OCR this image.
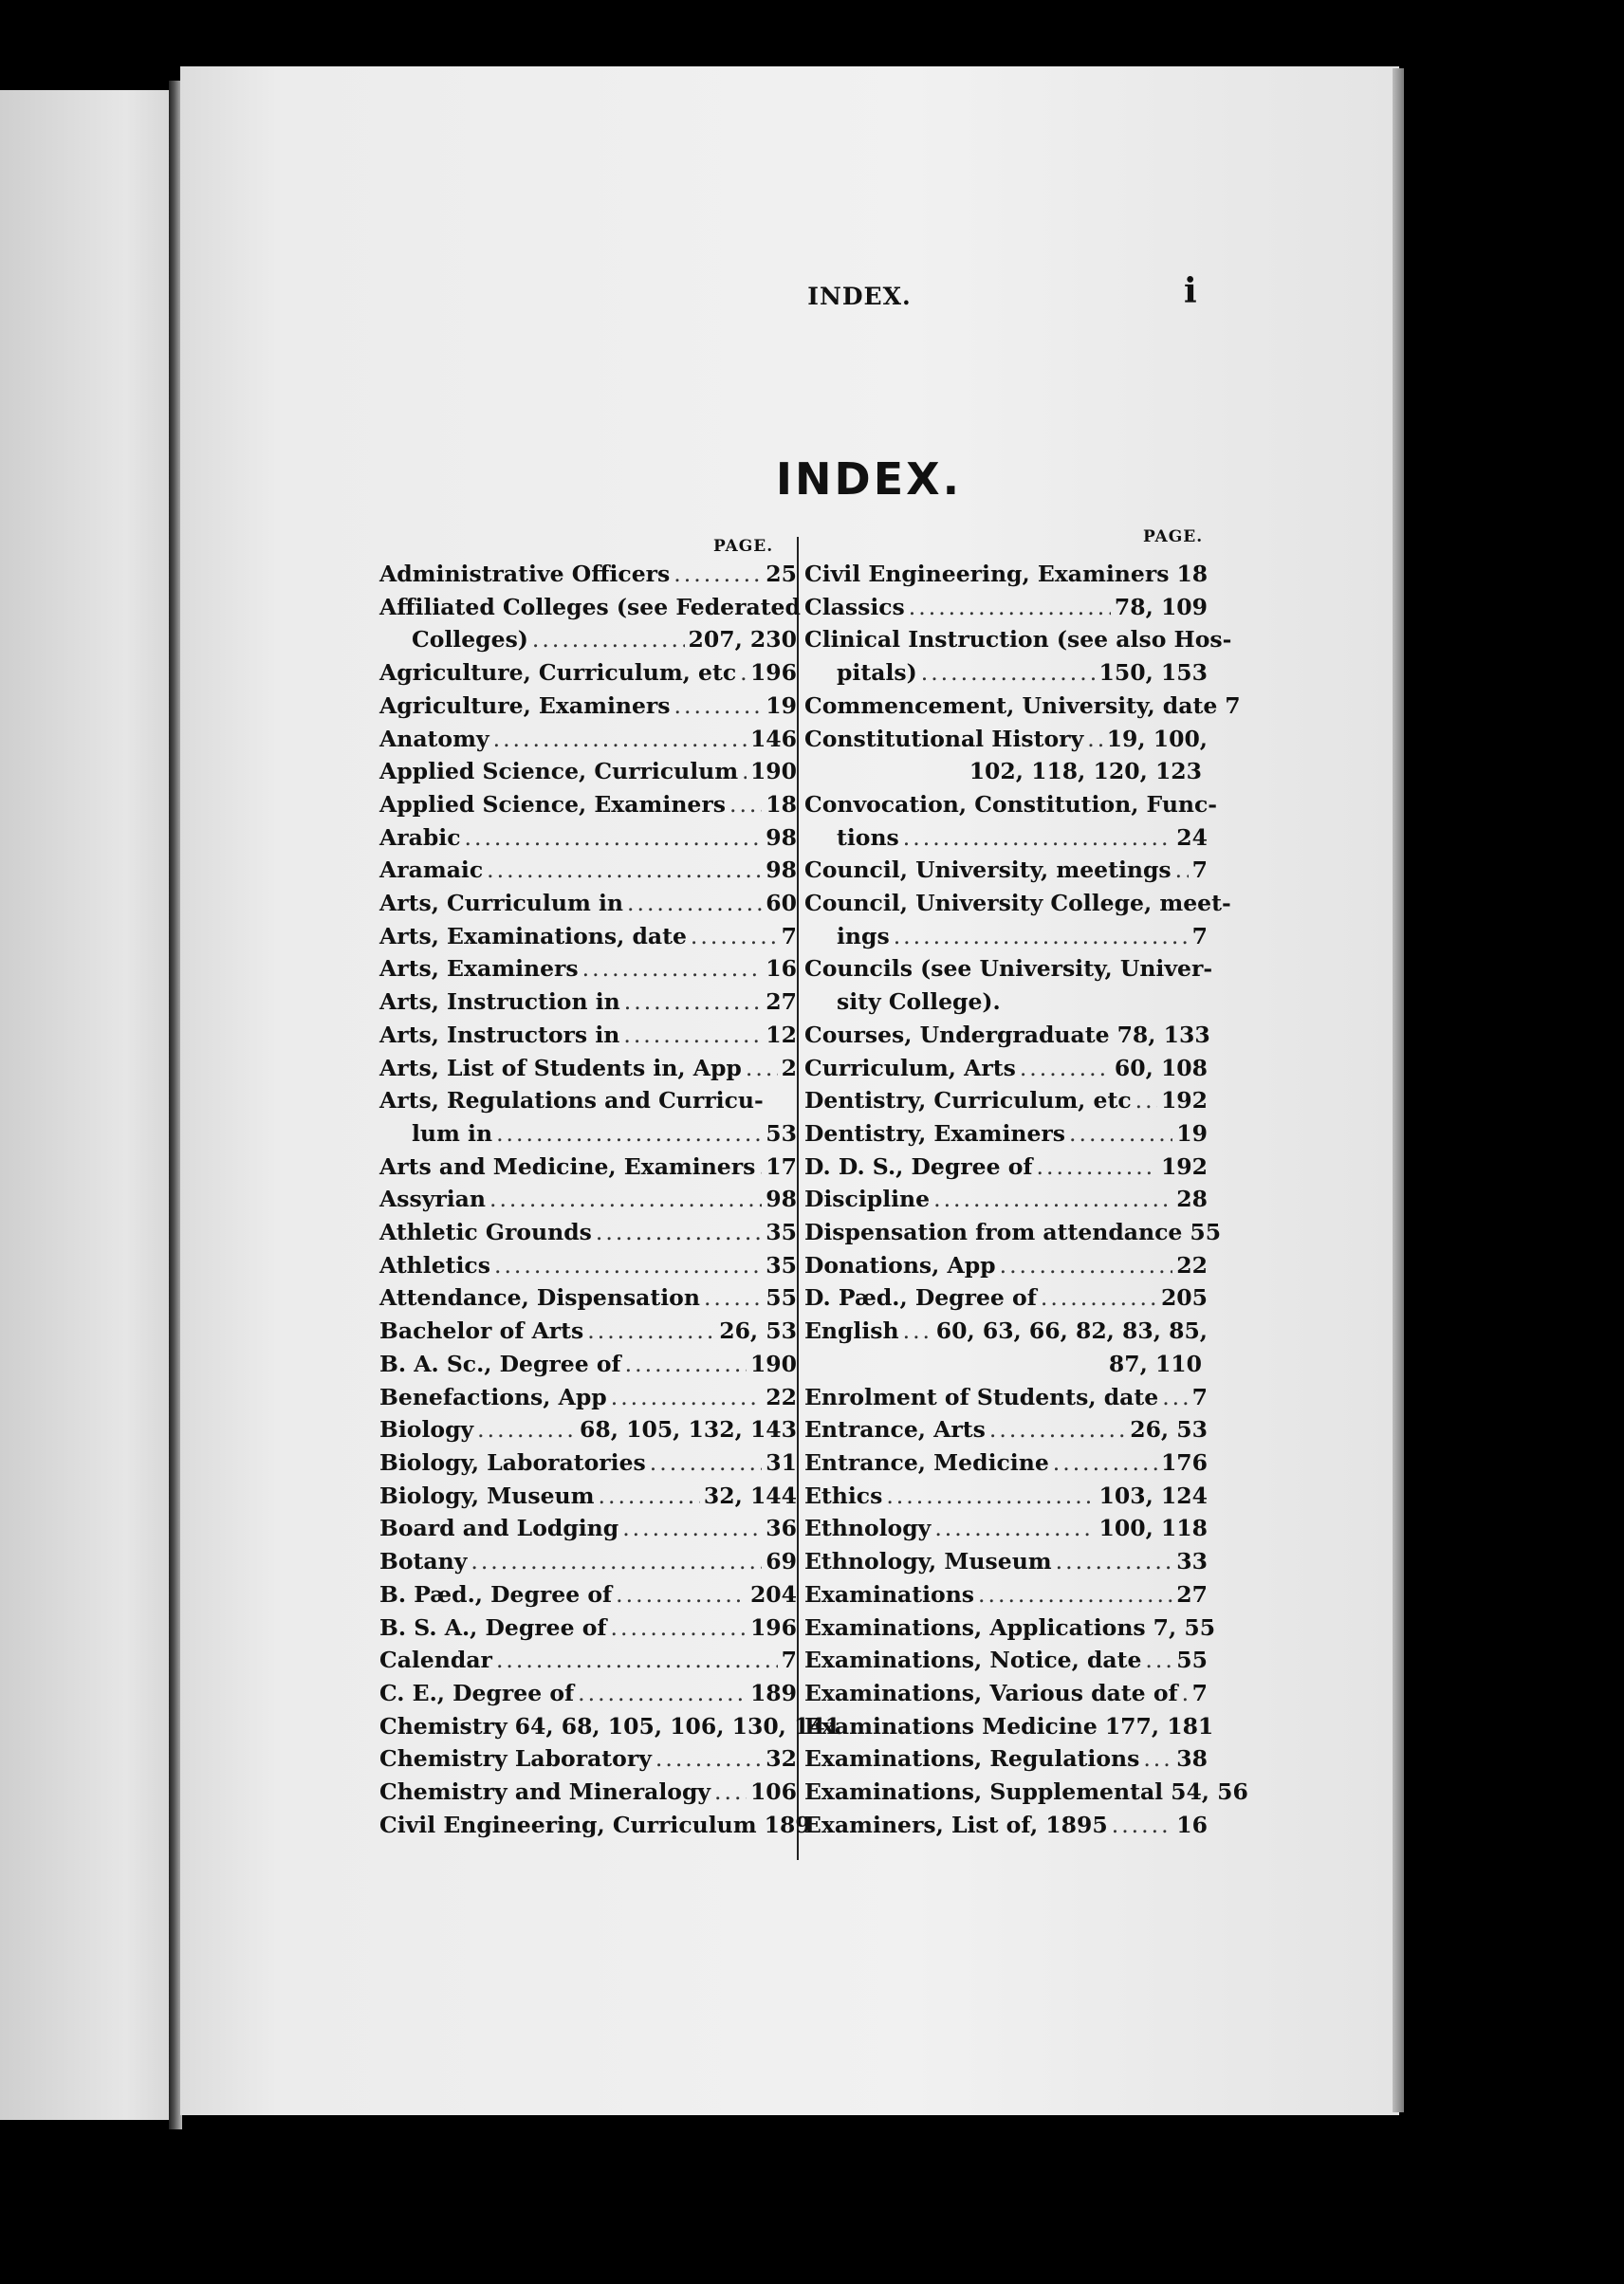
INDEX.	i
INDEX.
PAGE.	PAGE.
Administrative Officers .....	25
Affiliated Colleges (see Federated
Colleges) .....	207, 230
Agriculture, Curriculum, etc ..... 196
Agriculture, Examiners .....	19
Anatomy .....	146
Applied Science, Curriculum ..... 190
Applied Science, Examiners ..... 18
Arabic .....	98
Aramaic .....	98
Arts, Curriculum in .....	60
Arts, Examinations, date .....	7
Arts, Examiners .....	16
Arts, Instruction in .....	27
Arts, Instructors in .....	12
Arts, List of Students in, App ..... 2
Arts, Regulations and Curricu-
lum in .....	53
Arts and Medicine, Examiners ..... 17
Assyrian .....	98
Athletic Grounds .....	35
Athletics .....	35
Attendance, Dispensation .....	55
Bachelor of Arts .....	26, 53
B. A. Sc., Degree of .....	190
Benefactions, App .....	22
Biology .....	68, 105, 132, 143
Biology, Laboratories .....	31
Biology, Museum .....	32, 144
Board and Lodging .....	36
Botany .....	69
B. Pæd., Degree of .....	204
B. S. A., Degree of .....	196
Calendar .....	7
C. E., Degree of .....	189
Chemistry 64, 68, 105, 106, 130, 141
Chemistry Laboratory .....	32
Chemistry and Mineralogy ..... 106
Civil Engineering, Curriculum 189
Civil Engineering, Examiners 18
Classics .....	78, 109
Clinical Instruction (see also Hos-
pitals) .....	150, 153
Commencement, University, date 7
Constitutional History ..... 19, 100,
102, 118, 120, 123
Convocation, Constitution, Func-
tions .....	24
Council, University, meetings ..... 7
Council, University College, meet-
ings .....	7
Councils (see University, Univer-
sity College).
Courses, Undergraduate 78, 133
Curriculum, Arts .....	60, 108
Dentistry, Curriculum, etc ..... 192
Dentistry, Examiners .....	19
D. D. S., Degree of .....	192
Discipline .....	28
Dispensation from attendance 55
Donations, App .....	22
D. Pæd., Degree of .....	205
English ..... 60, 63, 66, 82, 83, 85,
87, 110
Enrolment of Students, date ..... 7
Entrance, Arts .....	26, 53
Entrance, Medicine .....	176
Ethics .....	103, 124
Ethnology .....	100, 118
Ethnology, Museum .....	33
Examinations .....	27
Examinations, Applications 7, 55
Examinations, Notice, date ..... 55
Examinations, Various date of ..... 7
Examinations Medicine 177, 181
Examinations, Regulations ..... 38
Examinations, Supplemental 54, 56
Examiners, List of, 1895 .....	16
